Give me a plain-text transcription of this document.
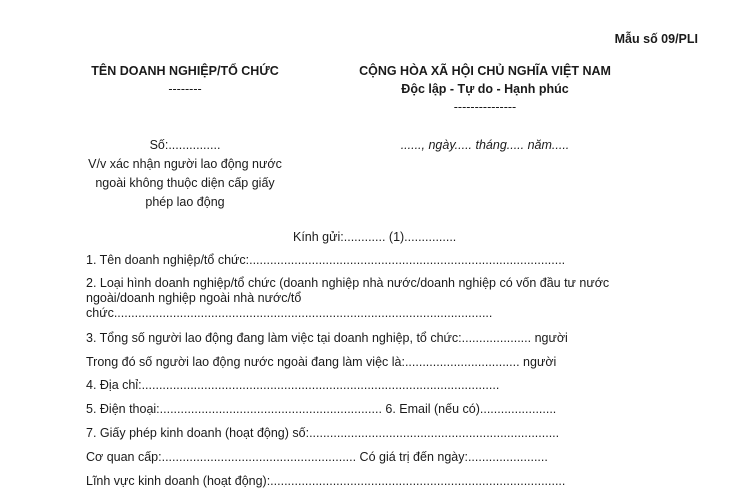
Mẫu số 09/PLI
TÊN DOANH NGHIỆP/TỔ CHỨC
--------
CỘNG HÒA XÃ HỘI CHỦ NGHĨA VIỆT NAM
Độc lập - Tự do - Hạnh phúc
---------------
Số:...............
V/v xác nhận người lao động nước
ngoài không thuộc diện cấp giấy
phép lao động
......, ngày..... tháng..... năm.....
Kính gửi:............ (1)...............
1. Tên doanh nghiệp/tổ chức:...........................................................................................
2. Loại hình doanh nghiệp/tổ chức (doanh nghiệp nhà nước/doanh nghiệp có vốn đầu tư nước
ngoài/doanh nghiệp ngoài nhà nước/tổ
chức.............................................................................................................
3. Tổng số người lao động đang làm việc tại doanh nghiệp, tổ chức:.................... người
Trong đó số người lao động nước ngoài đang làm việc là:................................. người
4. Địa chỉ:.......................................................................................................
5. Điện thoại:................................................................ 6. Email (nếu có)......................
7. Giấy phép kinh doanh (hoạt động) số:........................................................................
Cơ quan cấp:........................................................ Có giá trị đến ngày:.......................
Lĩnh vực kinh doanh (hoạt động):.....................................................................................
